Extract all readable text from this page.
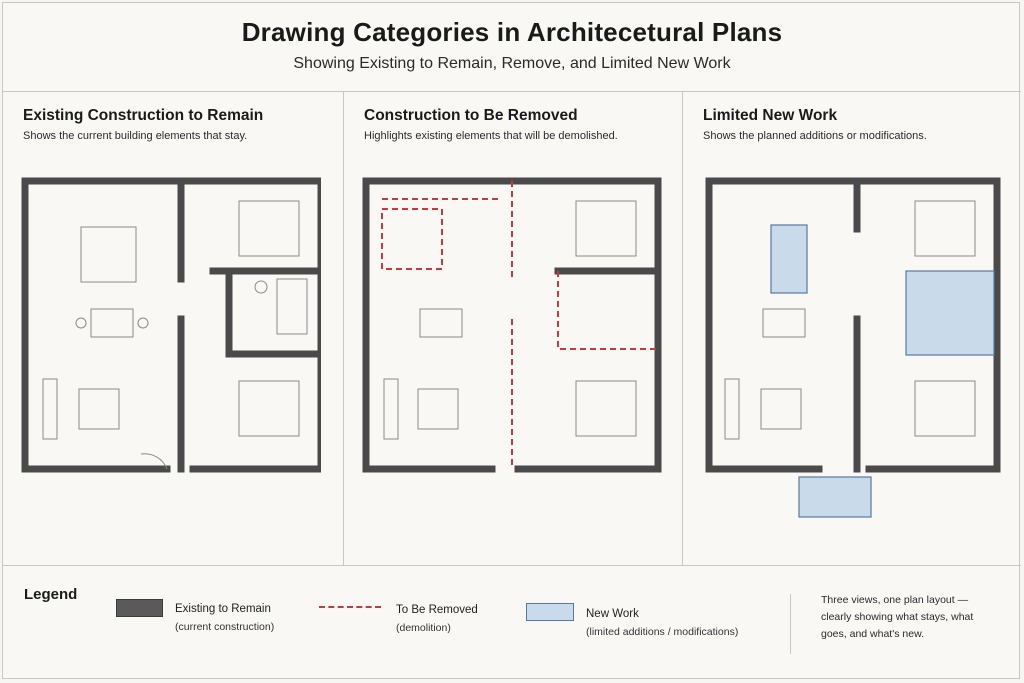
Drawing Categories in Architecetural Plans
Showing Existing to Remain, Remove, and Limited New Work
Existing Construction to Remain
Shows the current building elements that stay.
Construction to Be Removed
Highlights existing elements that will be demolished.
Limited New Work
Shows the planned additions or modifications.
Legend
Existing to Remain
(current construction)
To Be Removed
(demolition)
New Work
(limited additions / modifications)
Three views, one plan layout — clearly showing what stays, what goes, and what's new.
